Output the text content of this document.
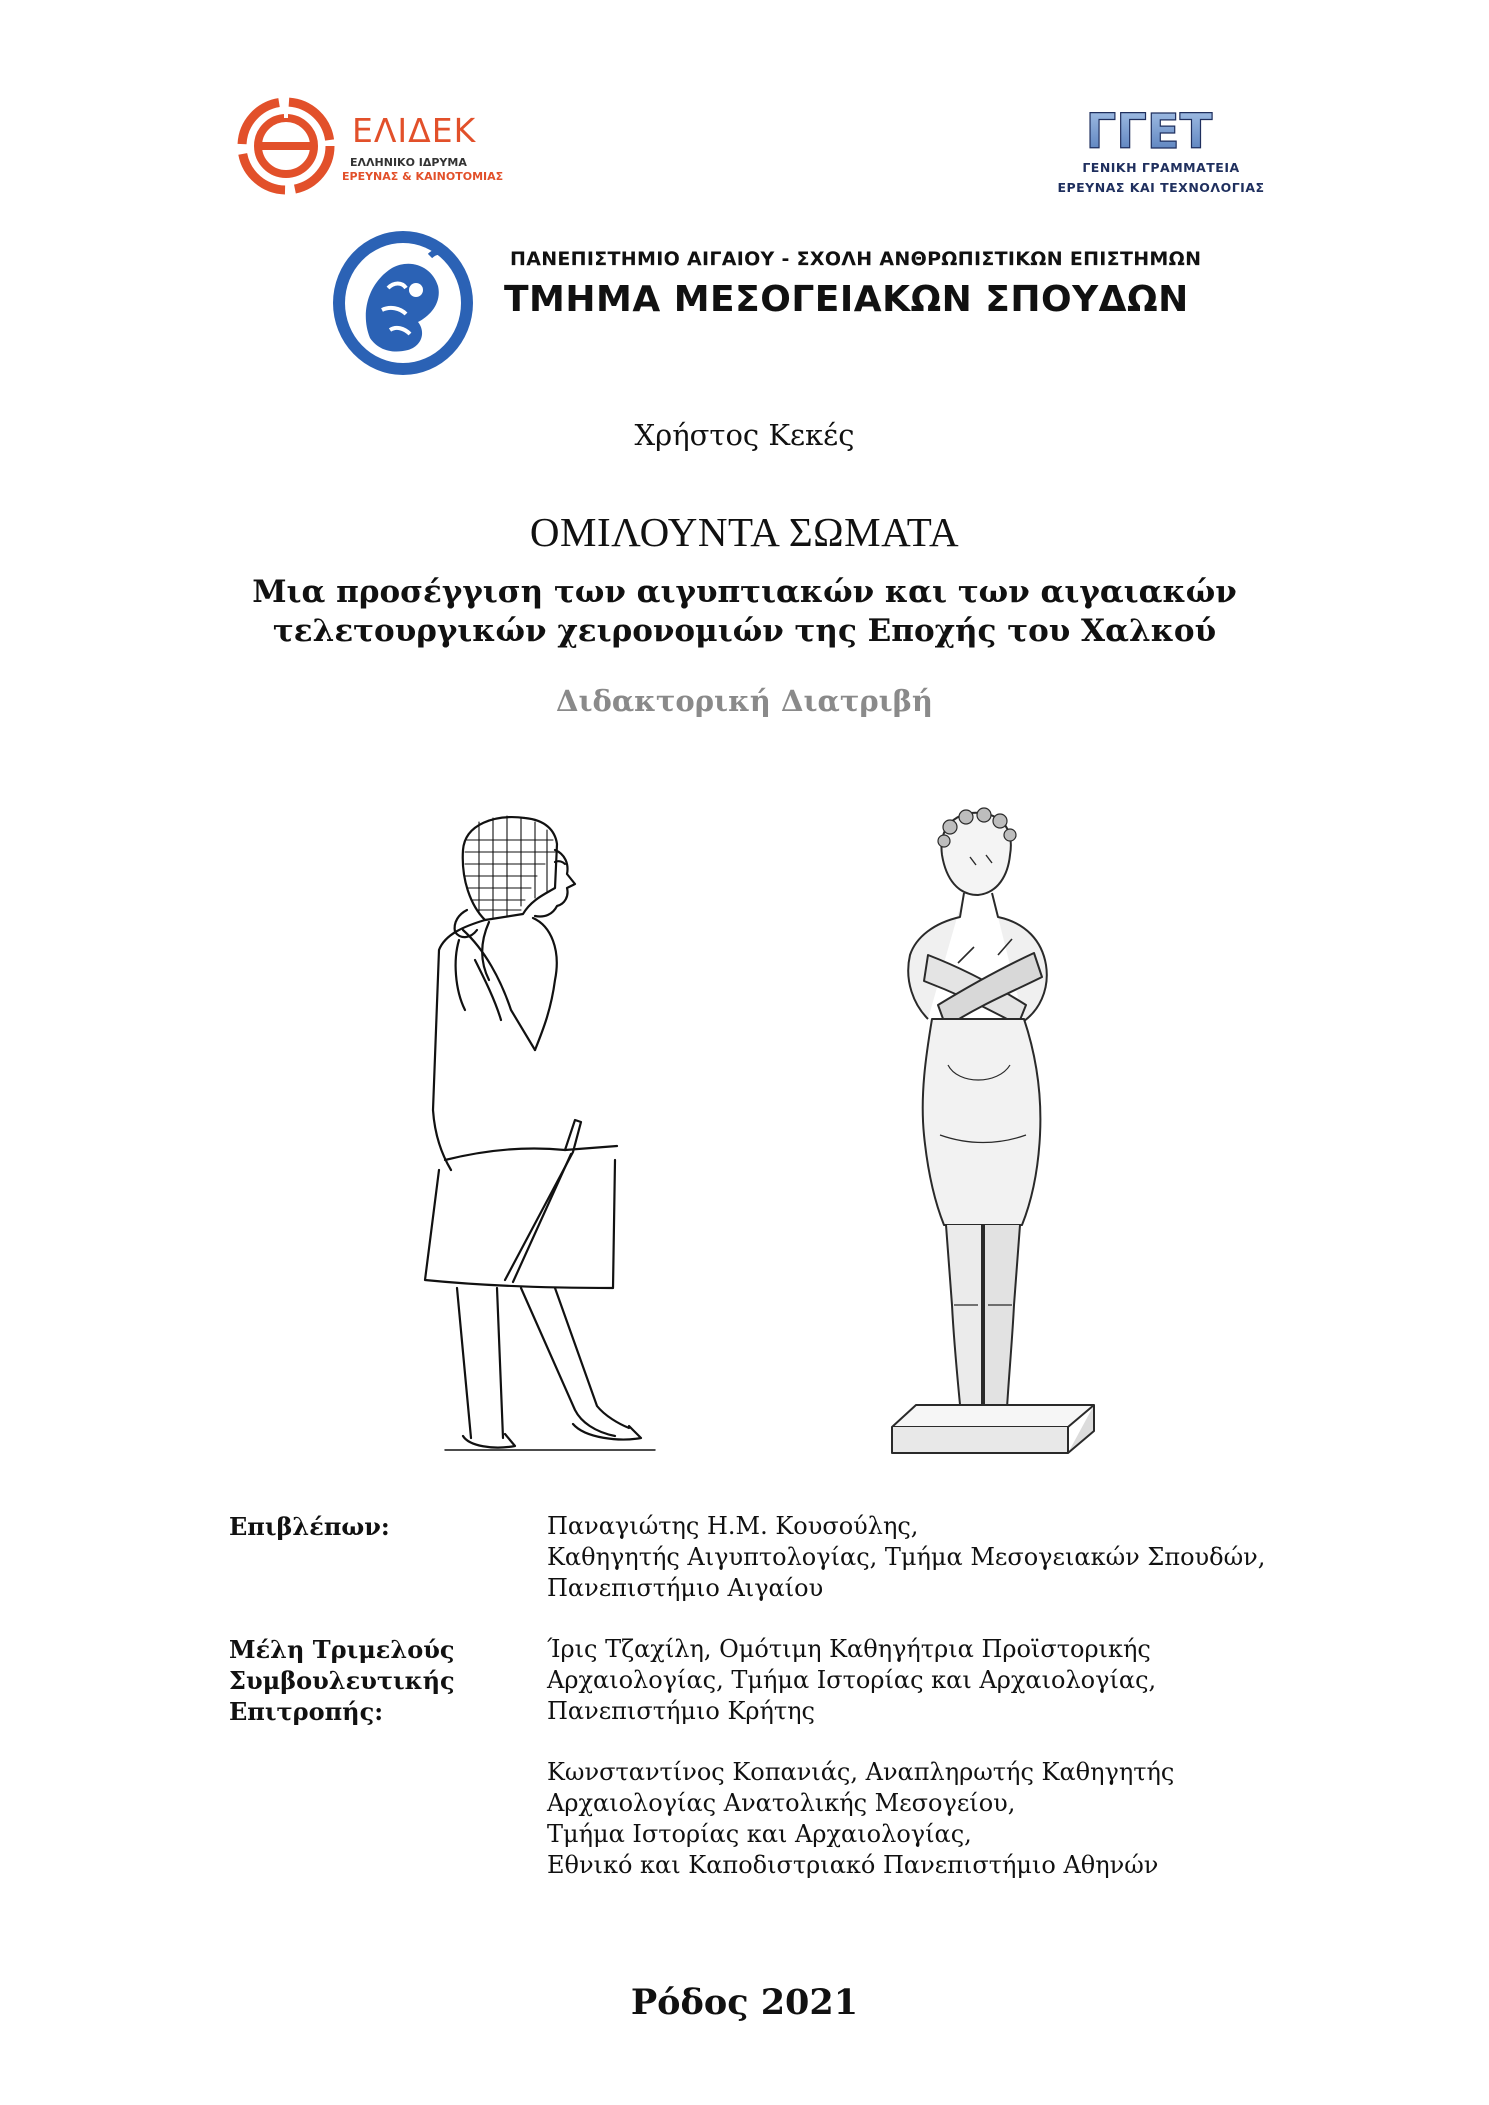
ΕΛΙΔΕΚ
ΕΛΛΗΝΙΚΟ ΙΔΡΥΜΑ
ΕΡΕΥΝΑΣ & ΚΑΙΝΟΤΟΜΙΑΣ
ΓΓΕΤ
ΓΕΝΙΚΗ ΓΡΑΜΜΑΤΕΙΑ
ΕΡΕΥΝΑΣ ΚΑΙ ΤΕΧΝΟΛΟΓΙΑΣ
ΠΑΝΕΠΙΣΤΗΜΙΟ ΑΙΓΑΙΟΥ - ΣΧΟΛΗ ΑΝΘΡΩΠΙΣΤΙΚΩΝ ΕΠΙΣΤΗΜΩΝ
ΤΜΗΜΑ ΜΕΣΟΓΕΙΑΚΩΝ ΣΠΟΥΔΩΝ
Χρήστος Κεκές
ΟΜΙΛΟΥΝΤΑ ΣΩΜΑΤΑ
Μια προσέγγιση των αιγυπτιακών και των αιγαιακών
τελετουργικών χειρονομιών της Εποχής του Χαλκού
Διδακτορική Διατριβή
Επιβλέπων:	Παναγιώτης Η.Μ. Κουσούλης,
Καθηγητής Αιγυπτολογίας, Τμήμα Μεσογειακών Σπουδών,
Πανεπιστήμιο Αιγαίου
Μέλη Τριμελούς
Συμβουλευτικής
Επιτροπής:
Ίρις Τζαχίλη, Ομότιμη Καθηγήτρια Προϊστορικής
Αρχαιολογίας, Τμήμα Ιστορίας και Αρχαιολογίας,
Πανεπιστήμιο Κρήτης
Κωνσταντίνος Κοπανιάς, Αναπληρωτής Καθηγητής
Αρχαιολογίας Ανατολικής Μεσογείου,
Τμήμα Ιστορίας και Αρχαιολογίας,
Εθνικό και Καποδιστριακό Πανεπιστήμιο Αθηνών
Ρόδος 2021
